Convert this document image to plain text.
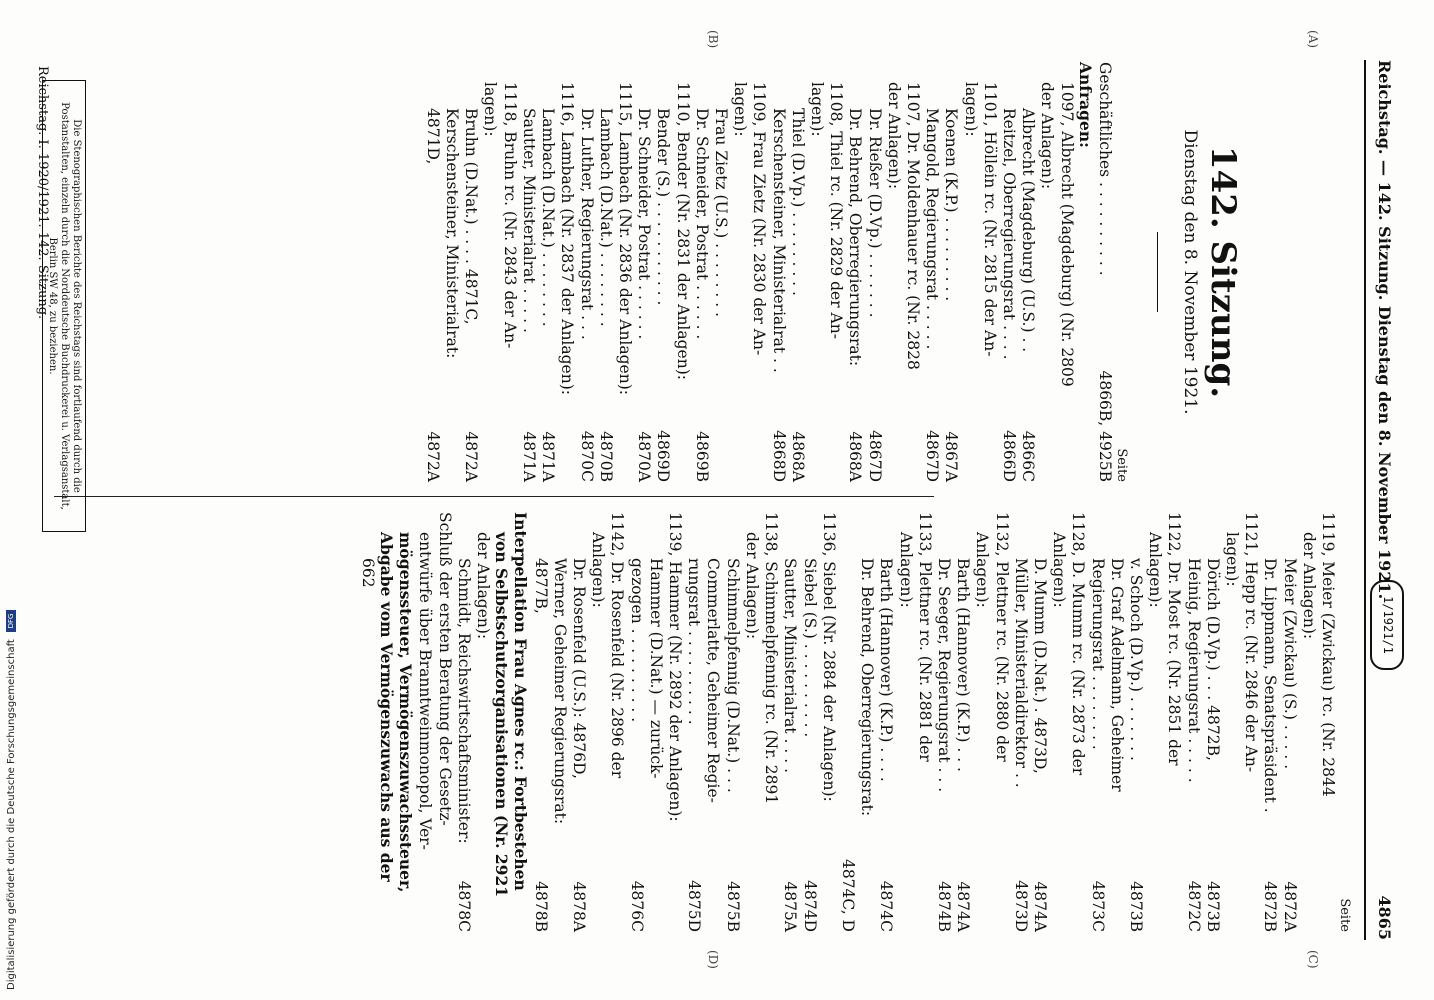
Reichstag. — 142. Sitzung. Dienstag den 8. November 1921.
4865
1/1921/1
(C)
(D)
(A)
(B)
142. Sitzung.
Dienstag den 8. November 1921.
Seite
Geschäftliches . . . . . . . . . .
4866B, 4925B
Anfragen:
1097, Albrecht (Magdeburg) (Nr. 2809
der Anlagen):
Albrecht (Magdeburg) (U.S.) . .
4866C
Reitzel, Oberregierungsrat . . . .
4866D
1101, Höllein rc. (Nr. 2815 der An-
lagen):
Koenen (K.P.) . . . . . . . . .
4867A
Mangold, Regierungsrat . . . . .
4867D
1107, Dr. Moldenhauer rc. (Nr. 2828
der Anlagen):
Dr. Rießer (D.Vp.) . . . . . . .
4867D
Dr. Behrend, Oberregierungsrat:
4868A
1108, Thiel rc. (Nr. 2829 der An-
lagen):
Thiel (D.Vp.) . . . . . . . . .
4868A
Kerschensteiner, Ministerialrat . .
4868D
1109, Frau Zietz (Nr. 2830 der An-
lagen):
Frau Zietz (U.S.) . . . . . . . .
Dr. Schneider, Postrat . . . . . .
4869B
1110, Bender (Nr. 2831 der Anlagen):
Bender (S.) . . . . . . . . . . .
4869D
Dr. Schneider, Postrat . . . . . .
4870A
1115, Lambach (Nr. 2836 der Anlagen):
Lambach (D.Nat.) . . . . . . . .
4870B
Dr. Luther, Regierungsrat . . .
4870C
1116, Lambach (Nr. 2837 der Anlagen):
Lambach (D.Nat.) . . . . . . . .
4871A
Sautter, Ministerialrat . . . . .
4871A
1118, Bruhn rc. (Nr. 2843 der An-
lagen):
Bruhn (D.Nat.) . . . . 4871C,
4872A
Kerschensteiner, Ministerialrat:
4871D,
4872A
Seite
1119, Meier (Zwickau) rc. (Nr. 2844
der Anlagen):
Meier (Zwickau) (S.) . . . . .
4872A
Dr. Lippmann, Senatspräsident .
4872B
1121, Hepp rc. (Nr. 2846 der An-
lagen):
Dörich (D.Vp.) . . . 4872B,
4873B
Heinig, Regierungsrat . . . . .
4872C
1122, Dr. Most rc. (Nr. 2851 der
Anlagen):
v. Schoch (D.Vp.) . . . . . . .
4873B
Dr. Graf Adelmann, Geheimer
Regierungsrat . . . . . . . .
4873C
1128, D. Mumm rc. (Nr. 2873 der
Anlagen):
D. Mumm (D.Nat.) . 4873D,
4874A
Müller, Ministerialdirektor . .
4873D
1132, Plettner rc. (Nr. 2880 der
Anlagen):
Barth (Hannover) (K.P.) . . .
4874A
Dr. Seeger, Regierungsrat . . .
4874B
1133, Plettner rc. (Nr. 2881 der
Anlagen):
Barth (Hannover) (K.P.) . . . .
4874C
Dr. Behrend, Oberregierungsrat:
4874C, D
1136, Siebel (Nr. 2884 der Anlagen):
Siebel (S.) . . . . . . . . . .
4874D
Sautter, Ministerialrat . . . .
4875A
1138, Schimmelpfennig rc. (Nr. 2891
der Anlagen):
Schimmelpfennig (D.Nat.) . . .
4875B
Commerlatte, Geheimer Regie-
rungsrat . . . . . . . . . .
4875D
1139, Hammer (Nr. 2892 der Anlagen):
Hammer (D.Nat.) — zurück-
gezogen . . . . . . . . . .
4876C
1142, Dr. Rosenfeld (Nr. 2896 der
Anlagen):
Dr. Rosenfeld (U.S.): 4876D,
4878A
Werner, Geheimer Regierungsrat:
4877B,
4878B
Interpellation Frau Agnes rc.: Fortbestehen
von Selbstschutzorganisationen (Nr. 2921
der Anlagen):
Schmidt, Reichswirtschaftsminister:
4878C
Schluß der ersten Beratung der Gesetz-
entwürfe über Branntweinmonopol, Ver-
mögenssteuer, Vermögenszuwachssteuer,
Abgabe vom Vermögenszuwachs aus der
662
Die Stenographischen Berichte des Reichstags sind fortlaufend durch die Postanstalten, einzeln durch die Norddeutsche Buchdruckerei u. Verlagsanstalt, Berlin SW 48, zu beziehen.
Reichstag. I. 1920/1921. 142. Sitzung.
Digitalisierung gefördert durch die Deutsche Forschungsgemeinschaft DFG
